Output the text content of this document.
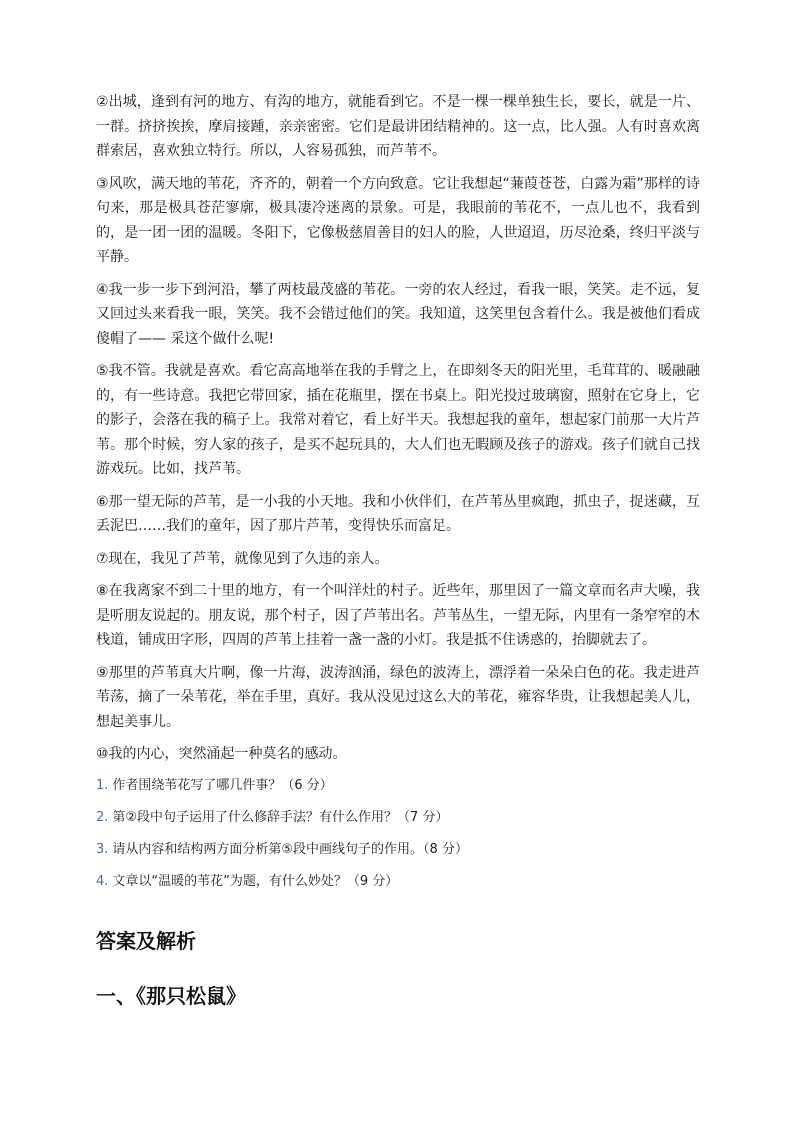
②出城，逢到有河的地方、有沟的地方，就能看到它。不是一棵一棵单独生长，要长，就是一片、一群。挤挤挨挨，摩肩接踵，亲亲密密。它们是最讲团结精神的。这一点，比人强。人有时喜欢离群索居，喜欢独立特行。所以，人容易孤独，而芦苇不。

③风吹，满天地的苇花，齐齐的，朝着一个方向致意。它让我想起“蒹葭苍苍，白露为霜”那样的诗句来，那是极具苍茫寥廓，极具凄冷迷离的景象。可是，我眼前的苇花不，一点儿也不，我看到的，是一团一团的温暖。冬阳下，它像极慈眉善目的妇人的脸，人世迢迢，历尽沧桑，终归平淡与平静。

④我一步一步下到河沿，攀了两枝最茂盛的苇花。一旁的农人经过，看我一眼，笑笑。走不远，复又回过头来看我一眼，笑笑。我不会错过他们的笑。我知道，这笑里包含着什么。我是被他们看成傻帽了—— 采这个做什么呢!

⑤我不管。我就是喜欢。看它高高地举在我的手臂之上，在即刻冬天的阳光里，毛茸茸的、暖融融的，有一些诗意。我把它带回家，插在花瓶里，摆在书桌上。阳光投过玻璃窗，照射在它身上，它的影子，会落在我的稿子上。我常对着它，看上好半天。我想起我的童年，想起家门前那一大片芦苇。那个时候，穷人家的孩子，是买不起玩具的，大人们也无暇顾及孩子的游戏。孩子们就自己找游戏玩。比如，找芦苇。

⑥那一望无际的芦苇，是一小我的小天地。我和小伙伴们，在芦苇丛里疯跑，抓虫子，捉迷藏，互丢泥巴……我们的童年，因了那片芦苇，变得快乐而富足。

⑦现在，我见了芦苇，就像见到了久违的亲人。

⑧在我离家不到二十里的地方，有一个叫洋灶的村子。近些年，那里因了一篇文章而名声大噪，我是听朋友说起的。朋友说，那个村子，因了芦苇出名。芦苇丛生，一望无际，内里有一条窄窄的木栈道，铺成田字形，四周的芦苇上挂着一盏一盏的小灯。我是抵不住诱惑的，抬脚就去了。

⑨那里的芦苇真大片啊，像一片海，波涛汹涌，绿色的波涛上，漂浮着一朵朵白色的花。我走进芦苇荡，摘了一朵苇花，举在手里，真好。我从没见过这么大的苇花，雍容华贵，让我想起美人儿，想起美事儿。

⑩我的内心，突然涌起一种莫名的感动。

1. 作者围绕苇花写了哪几件事？（6 分）

2. 第②段中句子运用了什么修辞手法？有什么作用？（7 分）

3. 请从内容和结构两方面分析第⑤段中画线句子的作用。（8 分）

4. 文章以“温暖的苇花”为题，有什么妙处？（9 分）

答案及解析
一、《那只松鼠》
